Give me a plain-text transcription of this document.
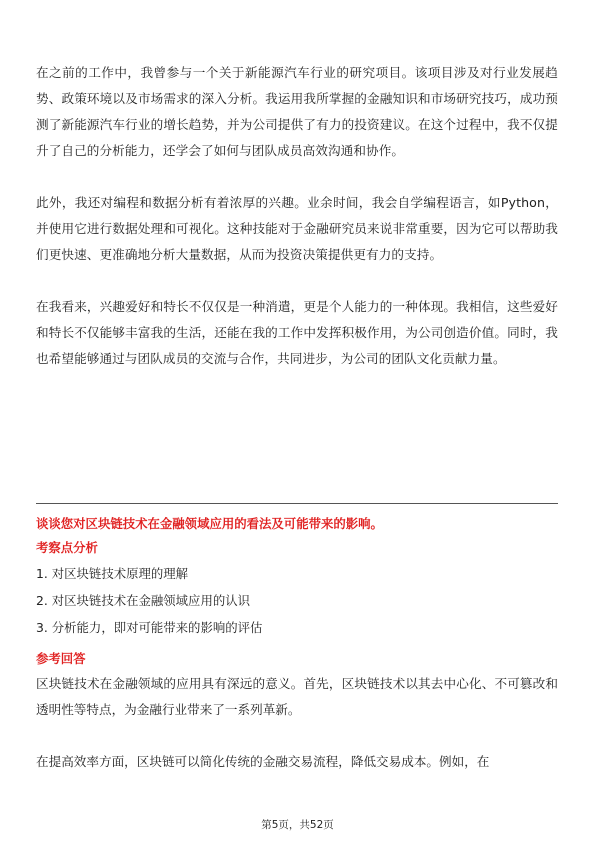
在之前的工作中，我曾参与一个关于新能源汽车行业的研究项目。该项目涉及对行业发展趋势、政策环境以及市场需求的深入分析。我运用我所掌握的金融知识和市场研究技巧，成功预测了新能源汽车行业的增长趋势，并为公司提供了有力的投资建议。在这个过程中，我不仅提升了自己的分析能力，还学会了如何与团队成员高效沟通和协作。

此外，我还对编程和数据分析有着浓厚的兴趣。业余时间，我会自学编程语言，如Python，并使用它进行数据处理和可视化。这种技能对于金融研究员来说非常重要，因为它可以帮助我们更快速、更准确地分析大量数据，从而为投资决策提供更有力的支持。

在我看来，兴趣爱好和特长不仅仅是一种消遣，更是个人能力的一种体现。我相信，这些爱好和特长不仅能够丰富我的生活，还能在我的工作中发挥积极作用，为公司创造价值。同时，我也希望能够通过与团队成员的交流与合作，共同进步，为公司的团队文化贡献力量。

谈谈您对区块链技术在金融领域应用的看法及可能带来的影响。

考察点分析

1. 对区块链技术原理的理解

2. 对区块链技术在金融领域应用的认识

3. 分析能力，即对可能带来的影响的评估

参考回答

区块链技术在金融领域的应用具有深远的意义。首先，区块链技术以其去中心化、不可篡改和透明性等特点，为金融行业带来了一系列革新。

在提高效率方面，区块链可以简化传统的金融交易流程，降低交易成本。例如，在

第5页，共52页
